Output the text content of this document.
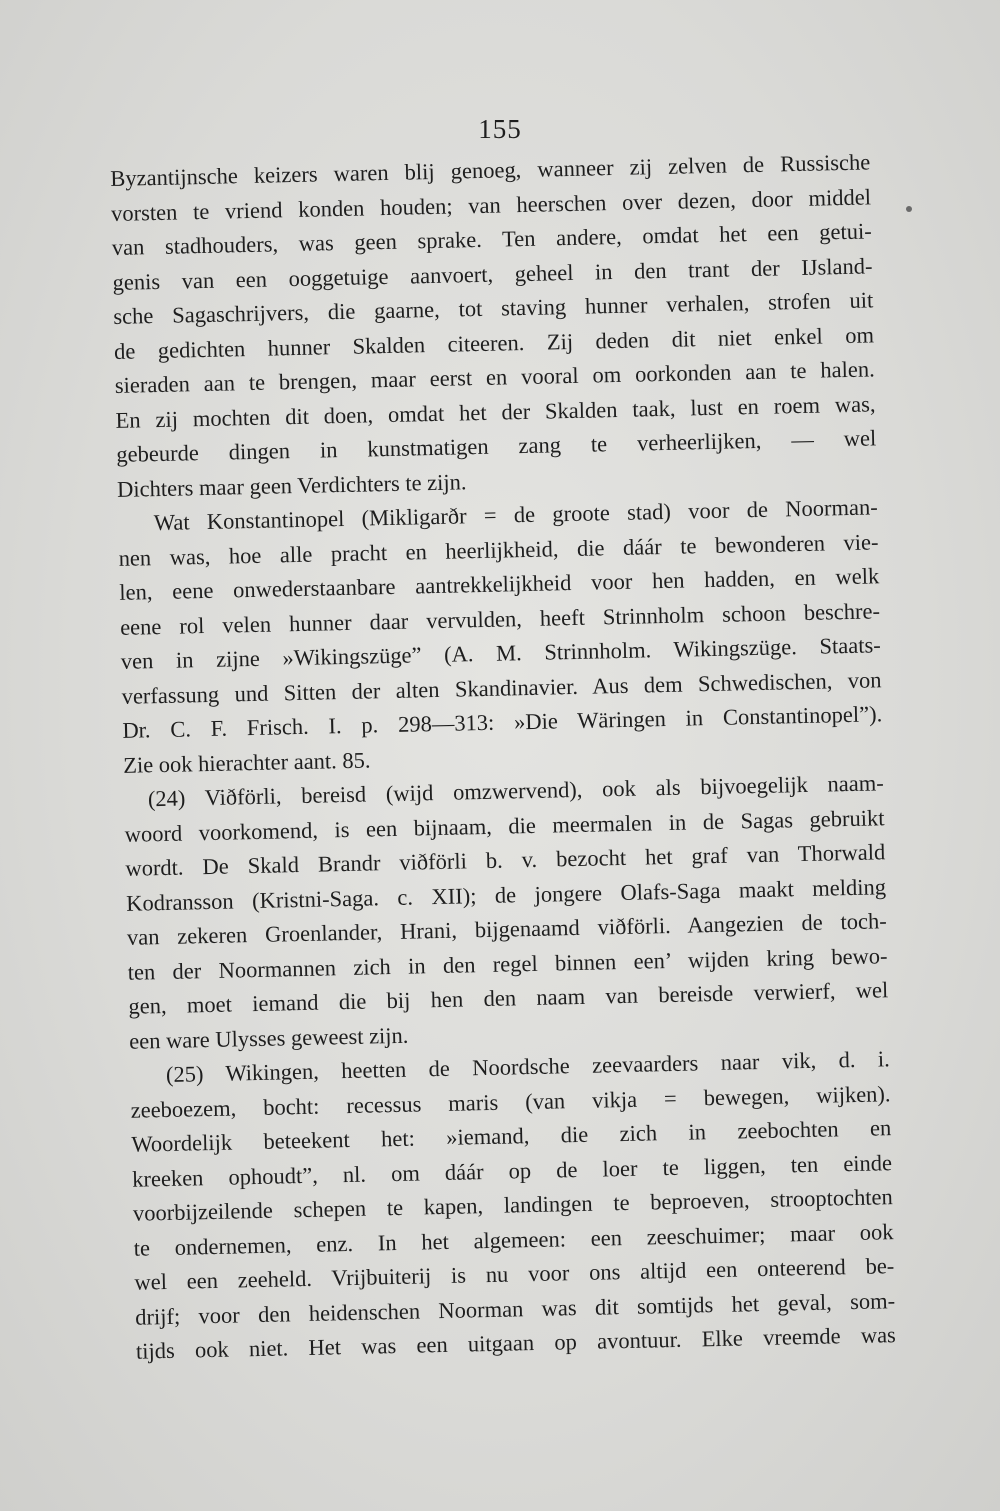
155
Byzantijnsche keizers waren blij genoeg, wanneer zij zelven de Russische
vorsten te vriend konden houden; van heerschen over dezen, door middel
van stadhouders, was geen sprake. Ten andere, omdat het een getui-
genis van een ooggetuige aanvoert, geheel in den trant der IJsland-
sche Sagaschrijvers, die gaarne, tot staving hunner verhalen, strofen uit
de gedichten hunner Skalden citeeren. Zij deden dit niet enkel om
sieraden aan te brengen, maar eerst en vooral om oorkonden aan te halen.
En zij mochten dit doen, omdat het der Skalden taak, lust en roem was,
gebeurde dingen in kunstmatigen zang te verheerlijken, — wel
Dichters maar geen Verdichters te zijn.
Wat Konstantinopel (Mikligarðr = de groote stad) voor de Noorman-
nen was, hoe alle pracht en heerlijkheid, die dáár te bewonderen vie-
len, eene onwederstaanbare aantrekkelijkheid voor hen hadden, en welk
eene rol velen hunner daar vervulden, heeft Strinnholm schoon beschre-
ven in zijne »Wikingszüge” (A. M. Strinnholm. Wikingszüge. Staats-
verfassung und Sitten der alten Skandinavier. Aus dem Schwedischen, von
Dr. C. F. Frisch. I. p. 298—313: »Die Wäringen in Constantinopel”).
Zie ook hierachter aant. 85.
(24) Viðförli, bereisd (wijd omzwervend), ook als bijvoegelijk naam-
woord voorkomend, is een bijnaam, die meermalen in de Sagas gebruikt
wordt. De Skald Brandr viðförli b. v. bezocht het graf van Thorwald
Kodransson (Kristni-Saga. c. XII); de jongere Olafs-Saga maakt melding
van zekeren Groenlander, Hrani, bijgenaamd viðförli. Aangezien de toch-
ten der Noormannen zich in den regel binnen een’ wijden kring bewo-
gen, moet iemand die bij hen den naam van bereisde verwierf, wel
een ware Ulysses geweest zijn.
(25) Wikingen, heetten de Noordsche zeevaarders naar vik, d. i.
zeeboezem, bocht: recessus maris (van vikja = bewegen, wijken).
Woordelijk beteekent het: »iemand, die zich in zeebochten en
kreeken ophoudt”, nl. om dáár op de loer te liggen, ten einde
voorbijzeilende schepen te kapen, landingen te beproeven, strooptochten
te ondernemen, enz. In het algemeen: een zeeschuimer; maar ook
wel een zeeheld. Vrijbuiterij is nu voor ons altijd een onteerend be-
drijf; voor den heidenschen Noorman was dit somtijds het geval, som-
tijds ook niet. Het was een uitgaan op avontuur. Elke vreemde was
